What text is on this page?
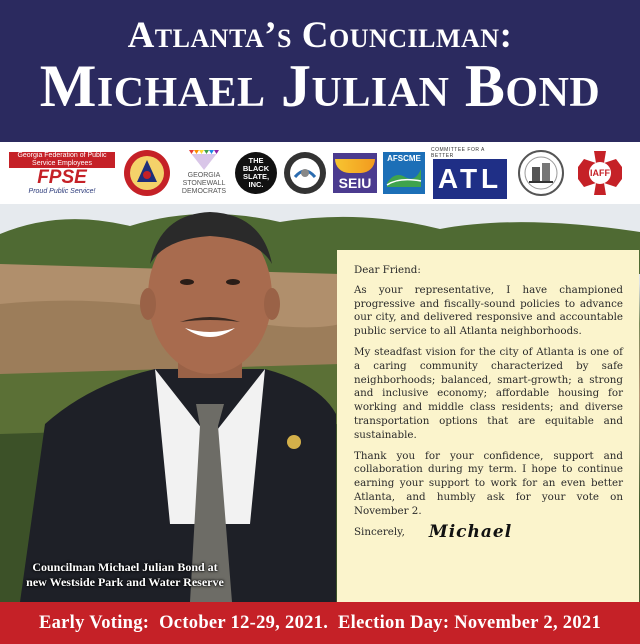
Atlanta’s Councilman:
Michael Julian Bond
Georgia Federation of Public Service Employees
FPSE
Proud Public Service!
GEORGIA
STONEWALL
DEMOCRATS
THE BLACK SLATE, INC.	SEIU
AFSCME
COMMITTEE FOR A BETTER
ATL	IAFF
Councilman Michael Julian Bond at
new Westside Park and Water Reserve

Dear Friend:

As your representative, I have championed progressive and fiscally-sound policies to advance our city, and delivered responsive and accountable public service to all Atlanta neighborhoods.

My steadfast vision for the city of Atlanta is one of a caring community characterized by safe neighborhoods; balanced, smart-growth; a strong and inclusive economy; affordable housing for working and middle class residents; and diverse transportation options that are equitable and sustainable.

Thank you for your confidence, support and collaboration during my term. I hope to continue earning your support to work for an even better Atlanta, and humbly ask for your vote on November 2.

Sincerely, Michael
Early Voting:  October 12-29, 2021.  Election Day: November 2, 2021
